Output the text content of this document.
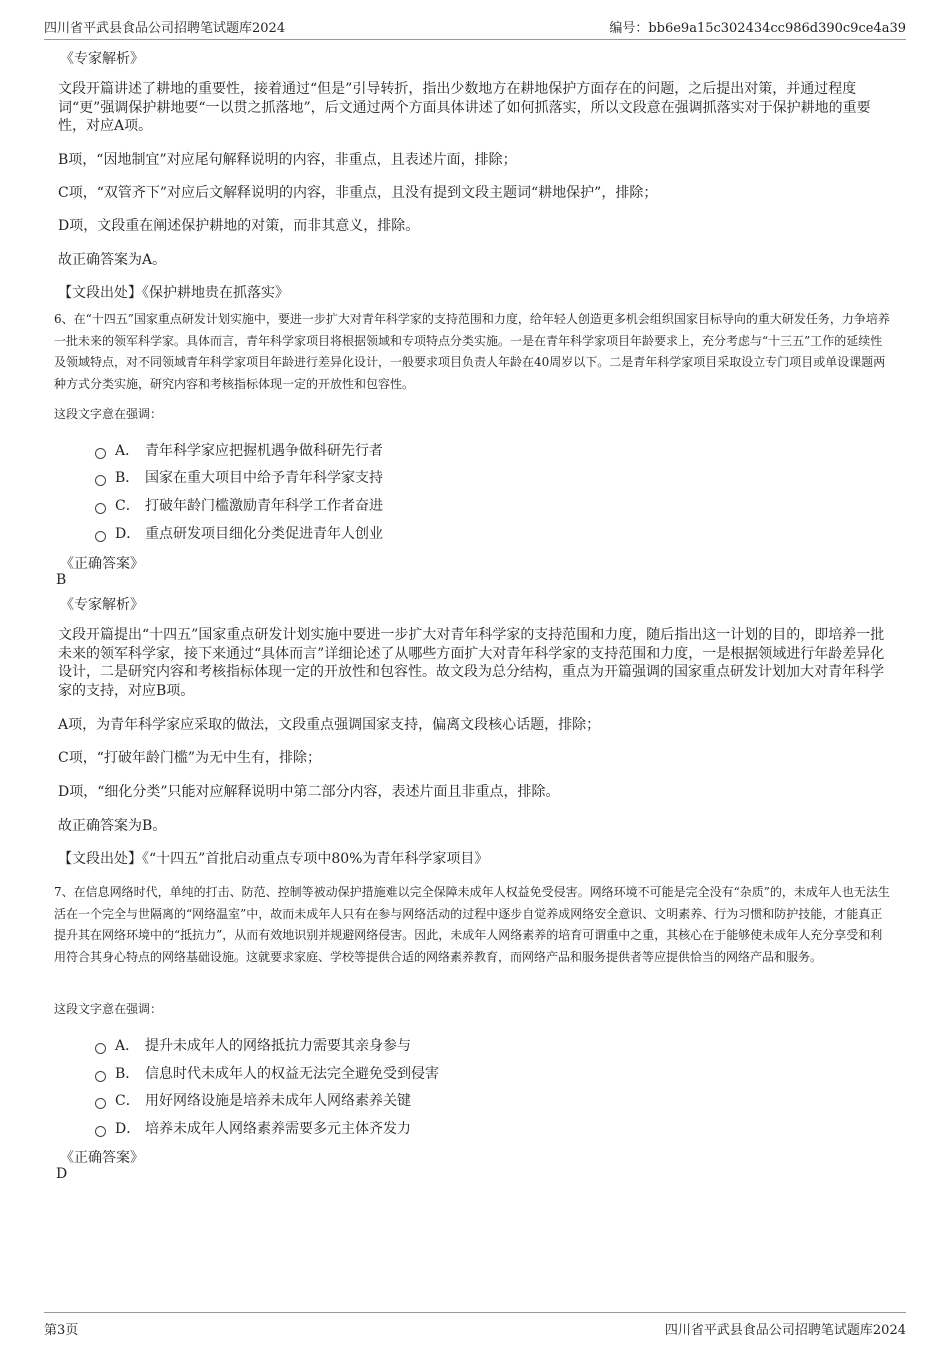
四川省平武县食品公司招聘笔试题库2024	编号：bb6e9a15c302434cc986d390c9ce4a39

《专家解析》

文段开篇讲述了耕地的重要性，接着通过“但是”引导转折，指出少数地方在耕地保护方面存在的问题，之后提出对策，并通过程度词“更”强调保护耕地要“一以贯之抓落地”，后文通过两个方面具体讲述了如何抓落实，所以文段意在强调抓落实对于保护耕地的重要性，对应A项。

B项，“因地制宜”对应尾句解释说明的内容，非重点，且表述片面，排除；

C项，“双管齐下”对应后文解释说明的内容，非重点，且没有提到文段主题词“耕地保护”，排除；

D项，文段重在阐述保护耕地的对策，而非其意义，排除。

故正确答案为A。

【文段出处】《保护耕地贵在抓落实》

6、在“十四五”国家重点研发计划实施中，要进一步扩大对青年科学家的支持范围和力度，给年轻人创造更多机会组织国家目标导向的重大研发任务，力争培养一批未来的领军科学家。具体而言，青年科学家项目将根据领域和专项特点分类实施。一是在青年科学家项目年龄要求上，充分考虑与“十三五”工作的延续性及领域特点，对不同领域青年科学家项目年龄进行差异化设计，一般要求项目负责人年龄在40周岁以下。二是青年科学家项目采取设立专门项目或单设课题两种方式分类实施，研究内容和考核指标体现一定的开放性和包容性。

这段文字意在强调：

A． 青年科学家应把握机遇争做科研先行者
B． 国家在重大项目中给予青年科学家支持
C． 打破年龄门槛激励青年科学工作者奋进
D． 重点研发项目细化分类促进青年人创业

《正确答案》

B

《专家解析》

文段开篇提出“十四五”国家重点研发计划实施中要进一步扩大对青年科学家的支持范围和力度，随后指出这一计划的目的，即培养一批未来的领军科学家，接下来通过“具体而言”详细论述了从哪些方面扩大对青年科学家的支持范围和力度，一是根据领域进行年龄差异化设计，二是研究内容和考核指标体现一定的开放性和包容性。故文段为总分结构，重点为开篇强调的国家重点研发计划加大对青年科学家的支持，对应B项。

A项，为青年科学家应采取的做法，文段重点强调国家支持，偏离文段核心话题，排除；

C项，“打破年龄门槛”为无中生有，排除；

D项，“细化分类”只能对应解释说明中第二部分内容，表述片面且非重点，排除。

故正确答案为B。

【文段出处】《“十四五”首批启动重点专项中80%为青年科学家项目》

7、在信息网络时代，单纯的打击、防范、控制等被动保护措施难以完全保障未成年人权益免受侵害。网络环境不可能是完全没有“杂质”的，未成年人也无法生活在一个完全与世隔离的“网络温室”中，故而未成年人只有在参与网络活动的过程中逐步自觉养成网络安全意识、文明素养、行为习惯和防护技能，才能真正提升其在网络环境中的“抵抗力”，从而有效地识别并规避网络侵害。因此，未成年人网络素养的培育可谓重中之重，其核心在于能够使未成年人充分享受和利用符合其身心特点的网络基础设施。这就要求家庭、学校等提供合适的网络素养教育，而网络产品和服务提供者等应提供恰当的网络产品和服务。

这段文字意在强调：

A． 提升未成年人的网络抵抗力需要其亲身参与
B． 信息时代未成年人的权益无法完全避免受到侵害
C． 用好网络设施是培养未成年人网络素养关键
D． 培养未成年人网络素养需要多元主体齐发力

《正确答案》

D

第3页	四川省平武县食品公司招聘笔试题库2024
